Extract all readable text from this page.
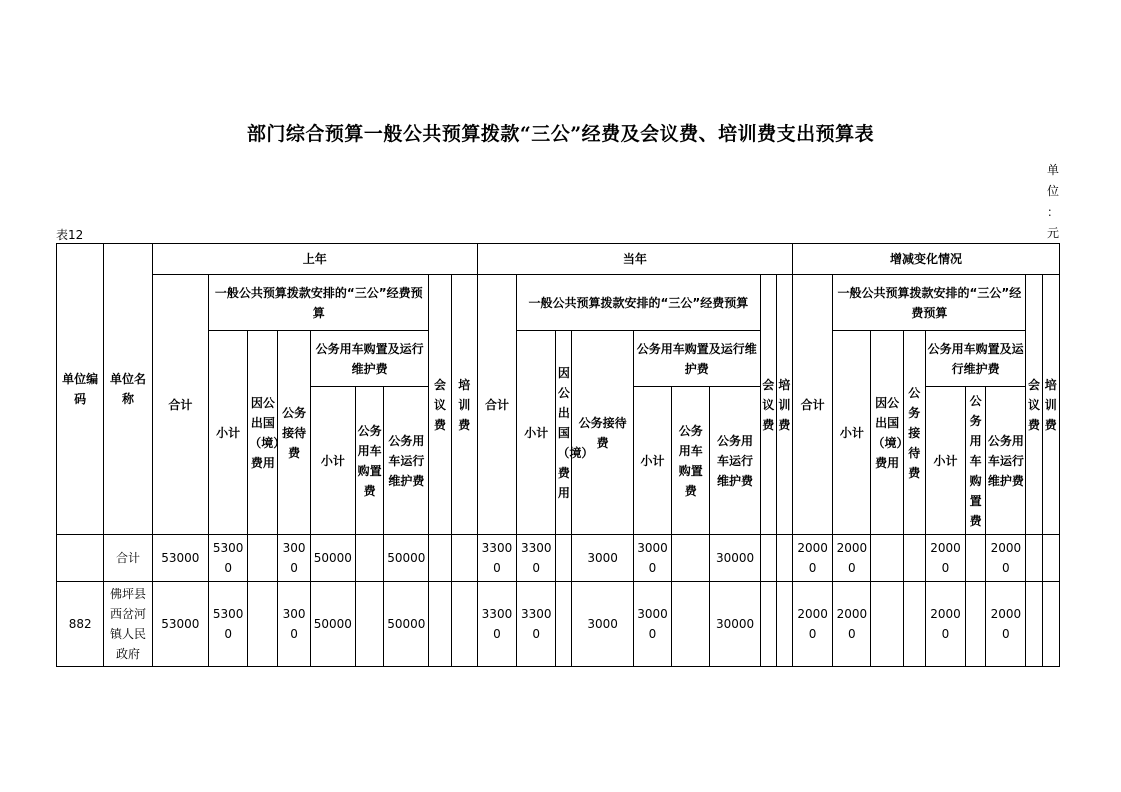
部门综合预算一般公共预算拨款“三公”经费及会议费、培训费支出预算表
单
位
：
元
表12
单位编码	单位名称	上年									当年									增减变化情况								
		合计	一般公共预算拨款安排的“三公”经费预算						会议费	培训费	合计	一般公共预算拨款安排的“三公”经费预算						会议费	培训费	合计	一般公共预算拨款安排的“三公”经费预算						会议费	培训费
			小计	因公出国（境）费用	公务接待费	公务用车购置及运行维护费						小计	因公出国（境）费用	公务接待费	公务用车购置及运行维护费						小计	因公出国（境）费用	公务接待费	公务用车购置及运行维护费				
						小计	公务用车购置费	公务用车运行维护费							小计	公务用车购置费	公务用车运行维护费							小计	公务用车购置费	公务用车运行维护费		
	合计	53000	53000		3000	50000		50000			33000	33000		3000	30000		30000			20000	20000			20000		20000		
882	佛坪县西岔河镇人民政府	53000	53000		3000	50000		50000			33000	33000		3000	30000		30000			20000	20000			20000		20000		
